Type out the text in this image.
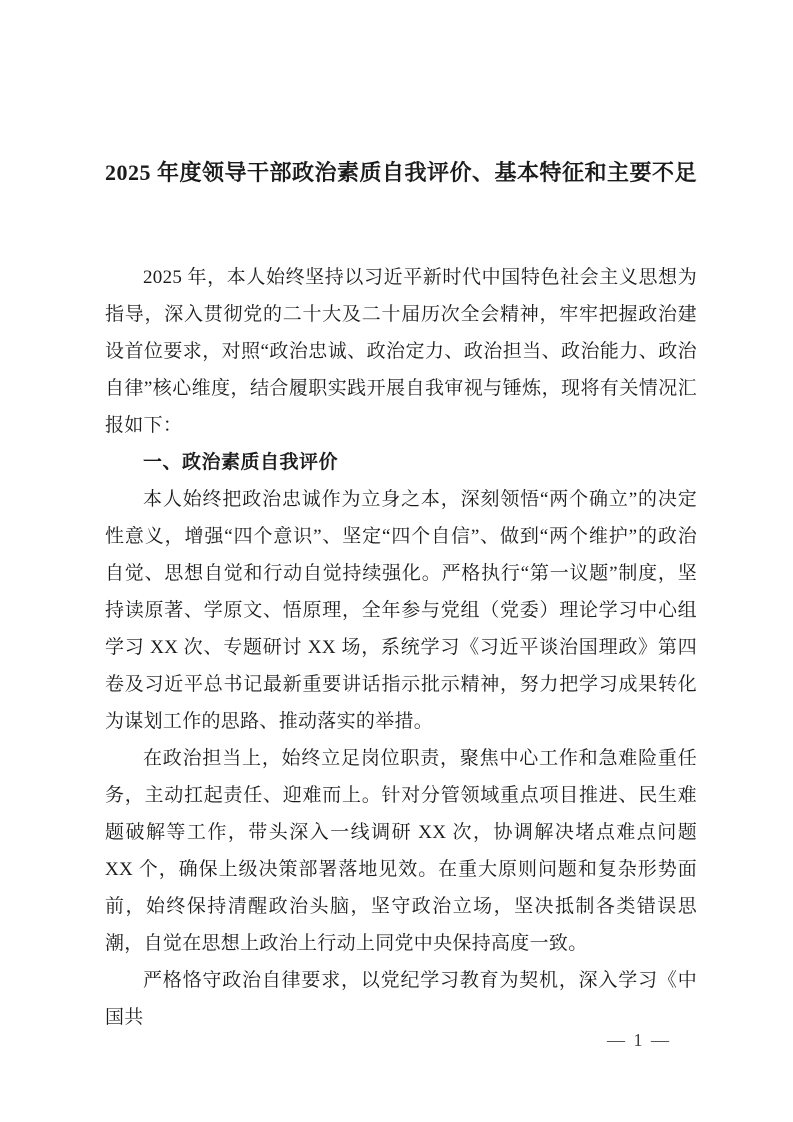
2025 年度领导干部政治素质自我评价、基本特征和主要不足

2025 年，本人始终坚持以习近平新时代中国特色社会主义思想为指导，深入贯彻党的二十大及二十届历次全会精神，牢牢把握政治建设首位要求，对照“政治忠诚、政治定力、政治担当、政治能力、政治自律”核心维度，结合履职实践开展自我审视与锤炼，现将有关情况汇报如下：

一、政治素质自我评价

本人始终把政治忠诚作为立身之本，深刻领悟“两个确立”的决定性意义，增强“四个意识”、坚定“四个自信”、做到“两个维护”的政治自觉、思想自觉和行动自觉持续强化。严格执行“第一议题”制度，坚持读原著、学原文、悟原理，全年参与党组（党委）理论学习中心组学习 XX 次、专题研讨 XX 场，系统学习《习近平谈治国理政》第四卷及习近平总书记最新重要讲话指示批示精神，努力把学习成果转化为谋划工作的思路、推动落实的举措。

在政治担当上，始终立足岗位职责，聚焦中心工作和急难险重任务，主动扛起责任、迎难而上。针对分管领域重点项目推进、民生难题破解等工作，带头深入一线调研 XX 次，协调解决堵点难点问题 XX 个，确保上级决策部署落地见效。在重大原则问题和复杂形势面前，始终保持清醒政治头脑，坚守政治立场，坚决抵制各类错误思潮，自觉在思想上政治上行动上同党中央保持高度一致。

严格恪守政治自律要求，以党纪学习教育为契机，深入学习《中国共

— 1 —
